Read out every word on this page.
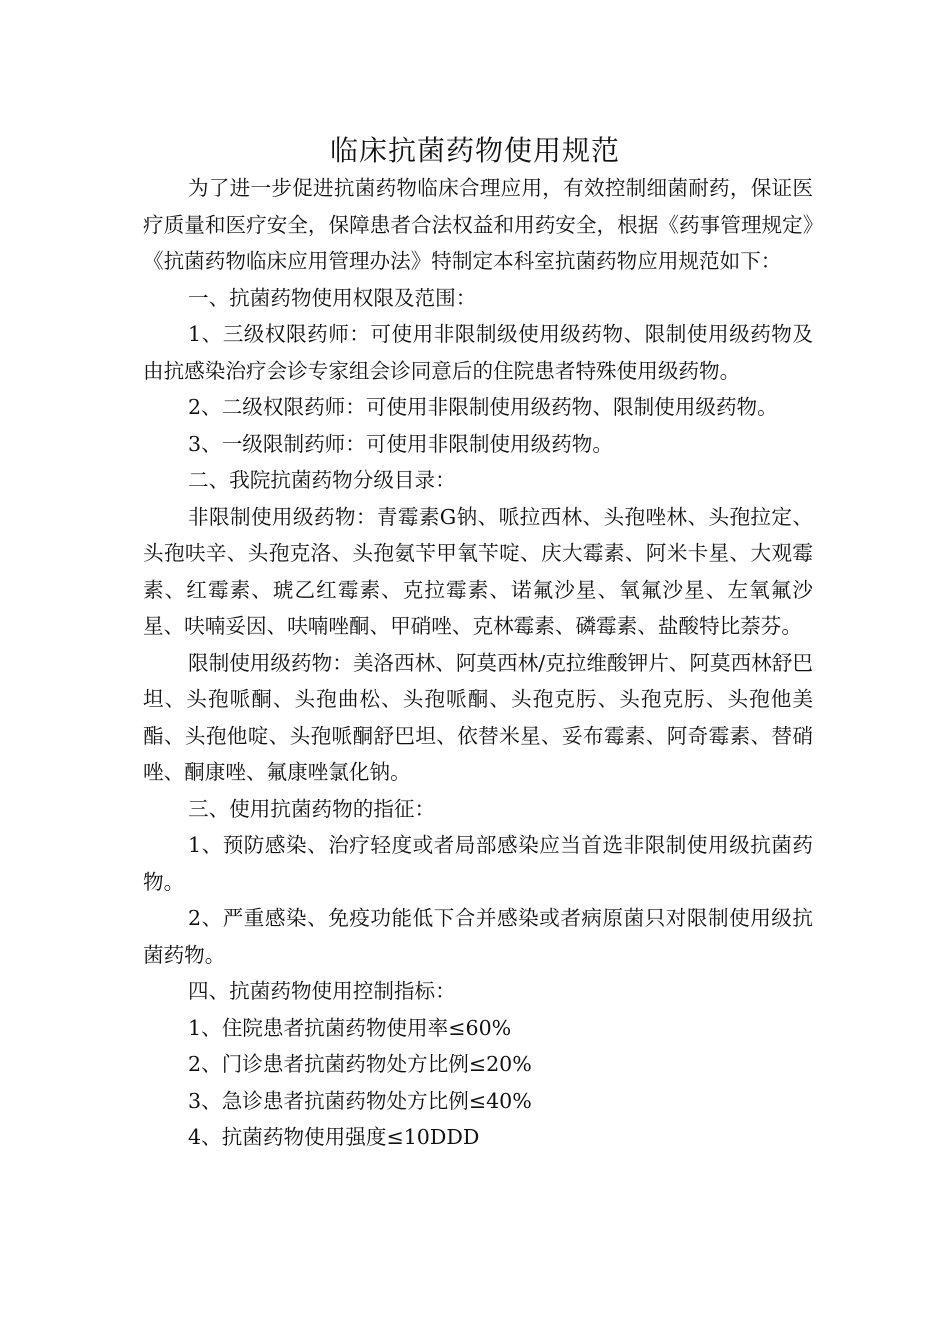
临床抗菌药物使用规范

为了进一步促进抗菌药物临床合理应用，有效控制细菌耐药，保证医疗质量和医疗安全，保障患者合法权益和用药安全，根据《药事管理规定》《抗菌药物临床应用管理办法》特制定本科室抗菌药物应用规范如下：

一、抗菌药物使用权限及范围：

1、三级权限药师：可使用非限制级使用级药物、限制使用级药物及由抗感染治疗会诊专家组会诊同意后的住院患者特殊使用级药物。

2、二级权限药师：可使用非限制使用级药物、限制使用级药物。

3、一级限制药师：可使用非限制使用级药物。

二、我院抗菌药物分级目录：

非限制使用级药物：青霉素G钠、哌拉西林、头孢唑林、头孢拉定、头孢呋辛、头孢克洛、头孢氨苄甲氧苄啶、庆大霉素、阿米卡星、大观霉素、红霉素、琥乙红霉素、克拉霉素、诺氟沙星、氧氟沙星、左氧氟沙星、呋喃妥因、呋喃唑酮、甲硝唑、克林霉素、磷霉素、盐酸特比萘芬。

限制使用级药物：美洛西林、阿莫西林/克拉维酸钾片、阿莫西林舒巴坦、头孢哌酮、头孢曲松、头孢哌酮、头孢克肟、头孢克肟、头孢他美酯、头孢他啶、头孢哌酮舒巴坦、依替米星、妥布霉素、阿奇霉素、替硝唑、酮康唑、氟康唑氯化钠。

三、使用抗菌药物的指征：

1、预防感染、治疗轻度或者局部感染应当首选非限制使用级抗菌药物。

2、严重感染、免疫功能低下合并感染或者病原菌只对限制使用级抗菌药物。

四、抗菌药物使用控制指标：

1、住院患者抗菌药物使用率≤60%

2、门诊患者抗菌药物处方比例≤20%

3、急诊患者抗菌药物处方比例≤40%

4、抗菌药物使用强度≤10DDD
